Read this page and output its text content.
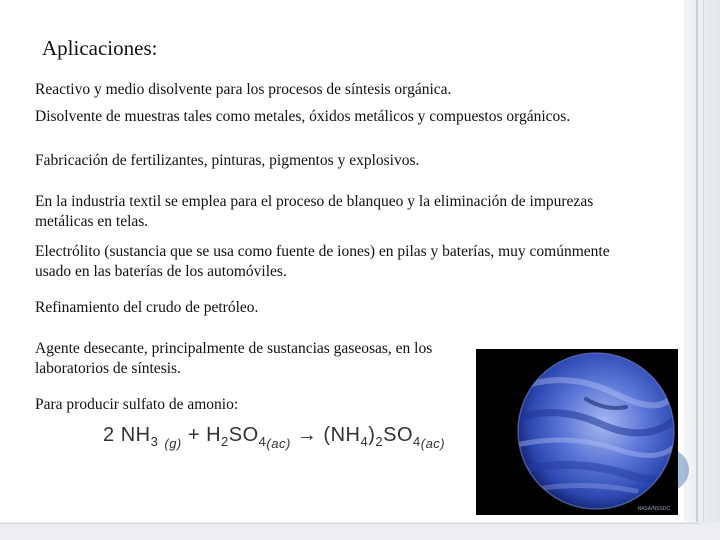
Aplicaciones:
Reactivo y medio disolvente para los procesos de síntesis orgánica.
Disolvente de muestras tales como metales, óxidos metálicos y compuestos orgánicos.
Fabricación de fertilizantes, pinturas, pigmentos y explosivos.
En la industria textil se emplea para el proceso de blanqueo y la eliminación de impurezas metálicas en telas.
Electrólito (sustancia que se usa como fuente de iones) en pilas y baterías, muy comúnmente usado en las baterías de los automóviles.
Refinamiento del crudo de petróleo.
Agente desecante, principalmente de sustancias gaseosas, en los laboratorios de síntesis.
Para producir sulfato de amonio:
2 $NH_3$ $_{(g)} + H_2SO_{4(ac)} \to (NH_4)_2SO_{4(ac)}$
NASA/NSSDC
